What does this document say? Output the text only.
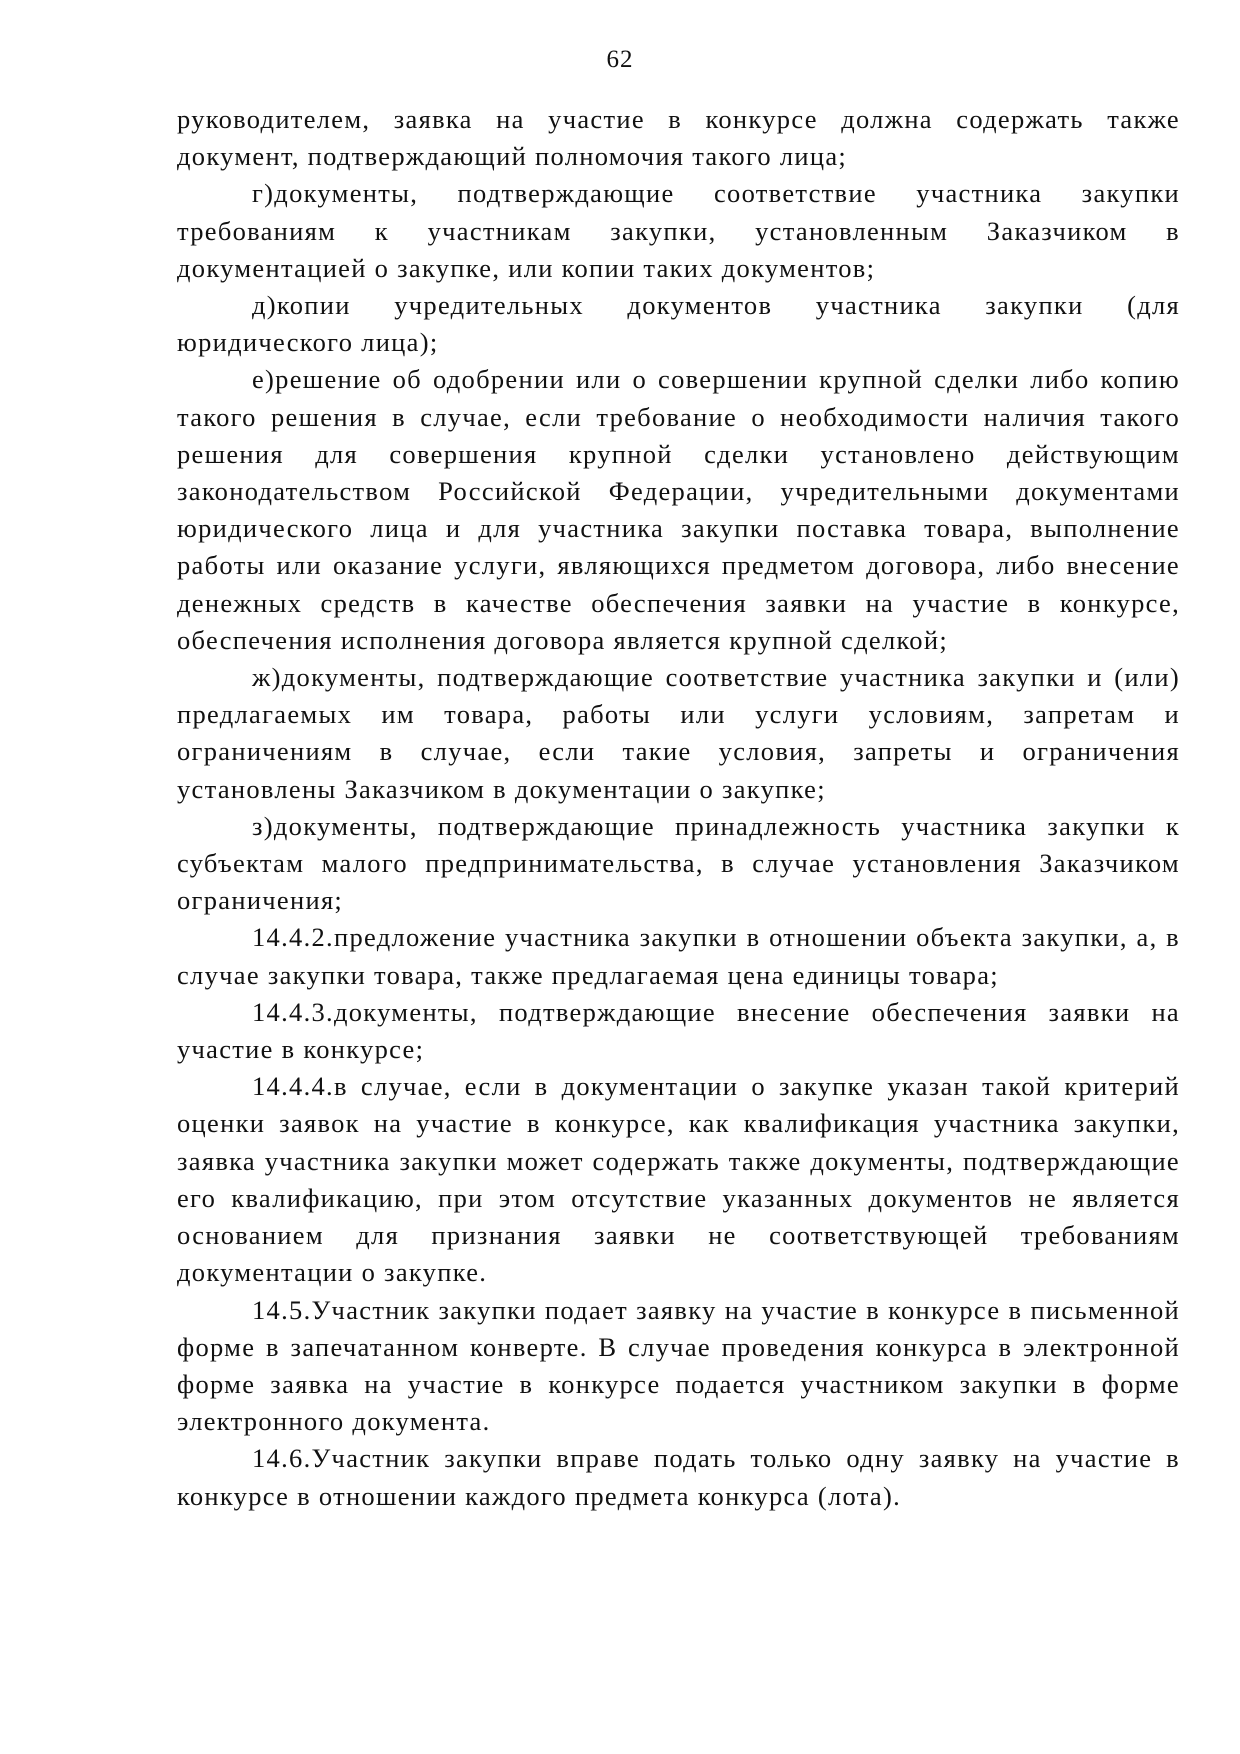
62

руководителем, заявка на участие в конкурсе должна содержать также документ, подтверждающий полномочия такого лица;

г)документы, подтверждающие соответствие участника закупки требованиям к участникам закупки, установленным Заказчиком в документацией о закупке, или копии таких документов;

д)копии учредительных документов участника закупки (для юридического лица);

е)решение об одобрении или о совершении крупной сделки либо копию такого решения в случае, если требование о необходимости наличия такого решения для совершения крупной сделки установлено действующим законодательством Российской Федерации, учредительными документами юридического лица и для участника закупки поставка товара, выполнение работы или оказание услуги, являющихся предметом договора, либо внесение денежных средств в качестве обеспечения заявки на участие в конкурсе, обеспечения исполнения договора является крупной сделкой;

ж)документы, подтверждающие соответствие участника закупки и (или) предлагаемых им товара, работы или услуги условиям, запретам и ограничениям в случае, если такие условия, запреты и ограничения установлены Заказчиком в документации о закупке;

з)документы, подтверждающие принадлежность участника закупки к субъектам малого предпринимательства, в случае установления Заказчиком ограничения;

14.4.2.предложение участника закупки в отношении объекта закупки, а, в случае закупки товара, также предлагаемая цена единицы товара;

14.4.3.документы, подтверждающие внесение обеспечения заявки на участие в конкурсе;

14.4.4.в случае, если в документации о закупке указан такой критерий оценки заявок на участие в конкурсе, как квалификация участника закупки, заявка участника закупки может содержать также документы, подтверждающие его квалификацию, при этом отсутствие указанных документов не является основанием для признания заявки не соответствующей требованиям документации о закупке.

14.5.Участник закупки подает заявку на участие в конкурсе в письменной форме в запечатанном конверте. В случае проведения конкурса в электронной форме заявка на участие в конкурсе подается участником закупки в форме электронного документа.

14.6.Участник закупки вправе подать только одну заявку на участие в конкурсе в отношении каждого предмета конкурса (лота).
